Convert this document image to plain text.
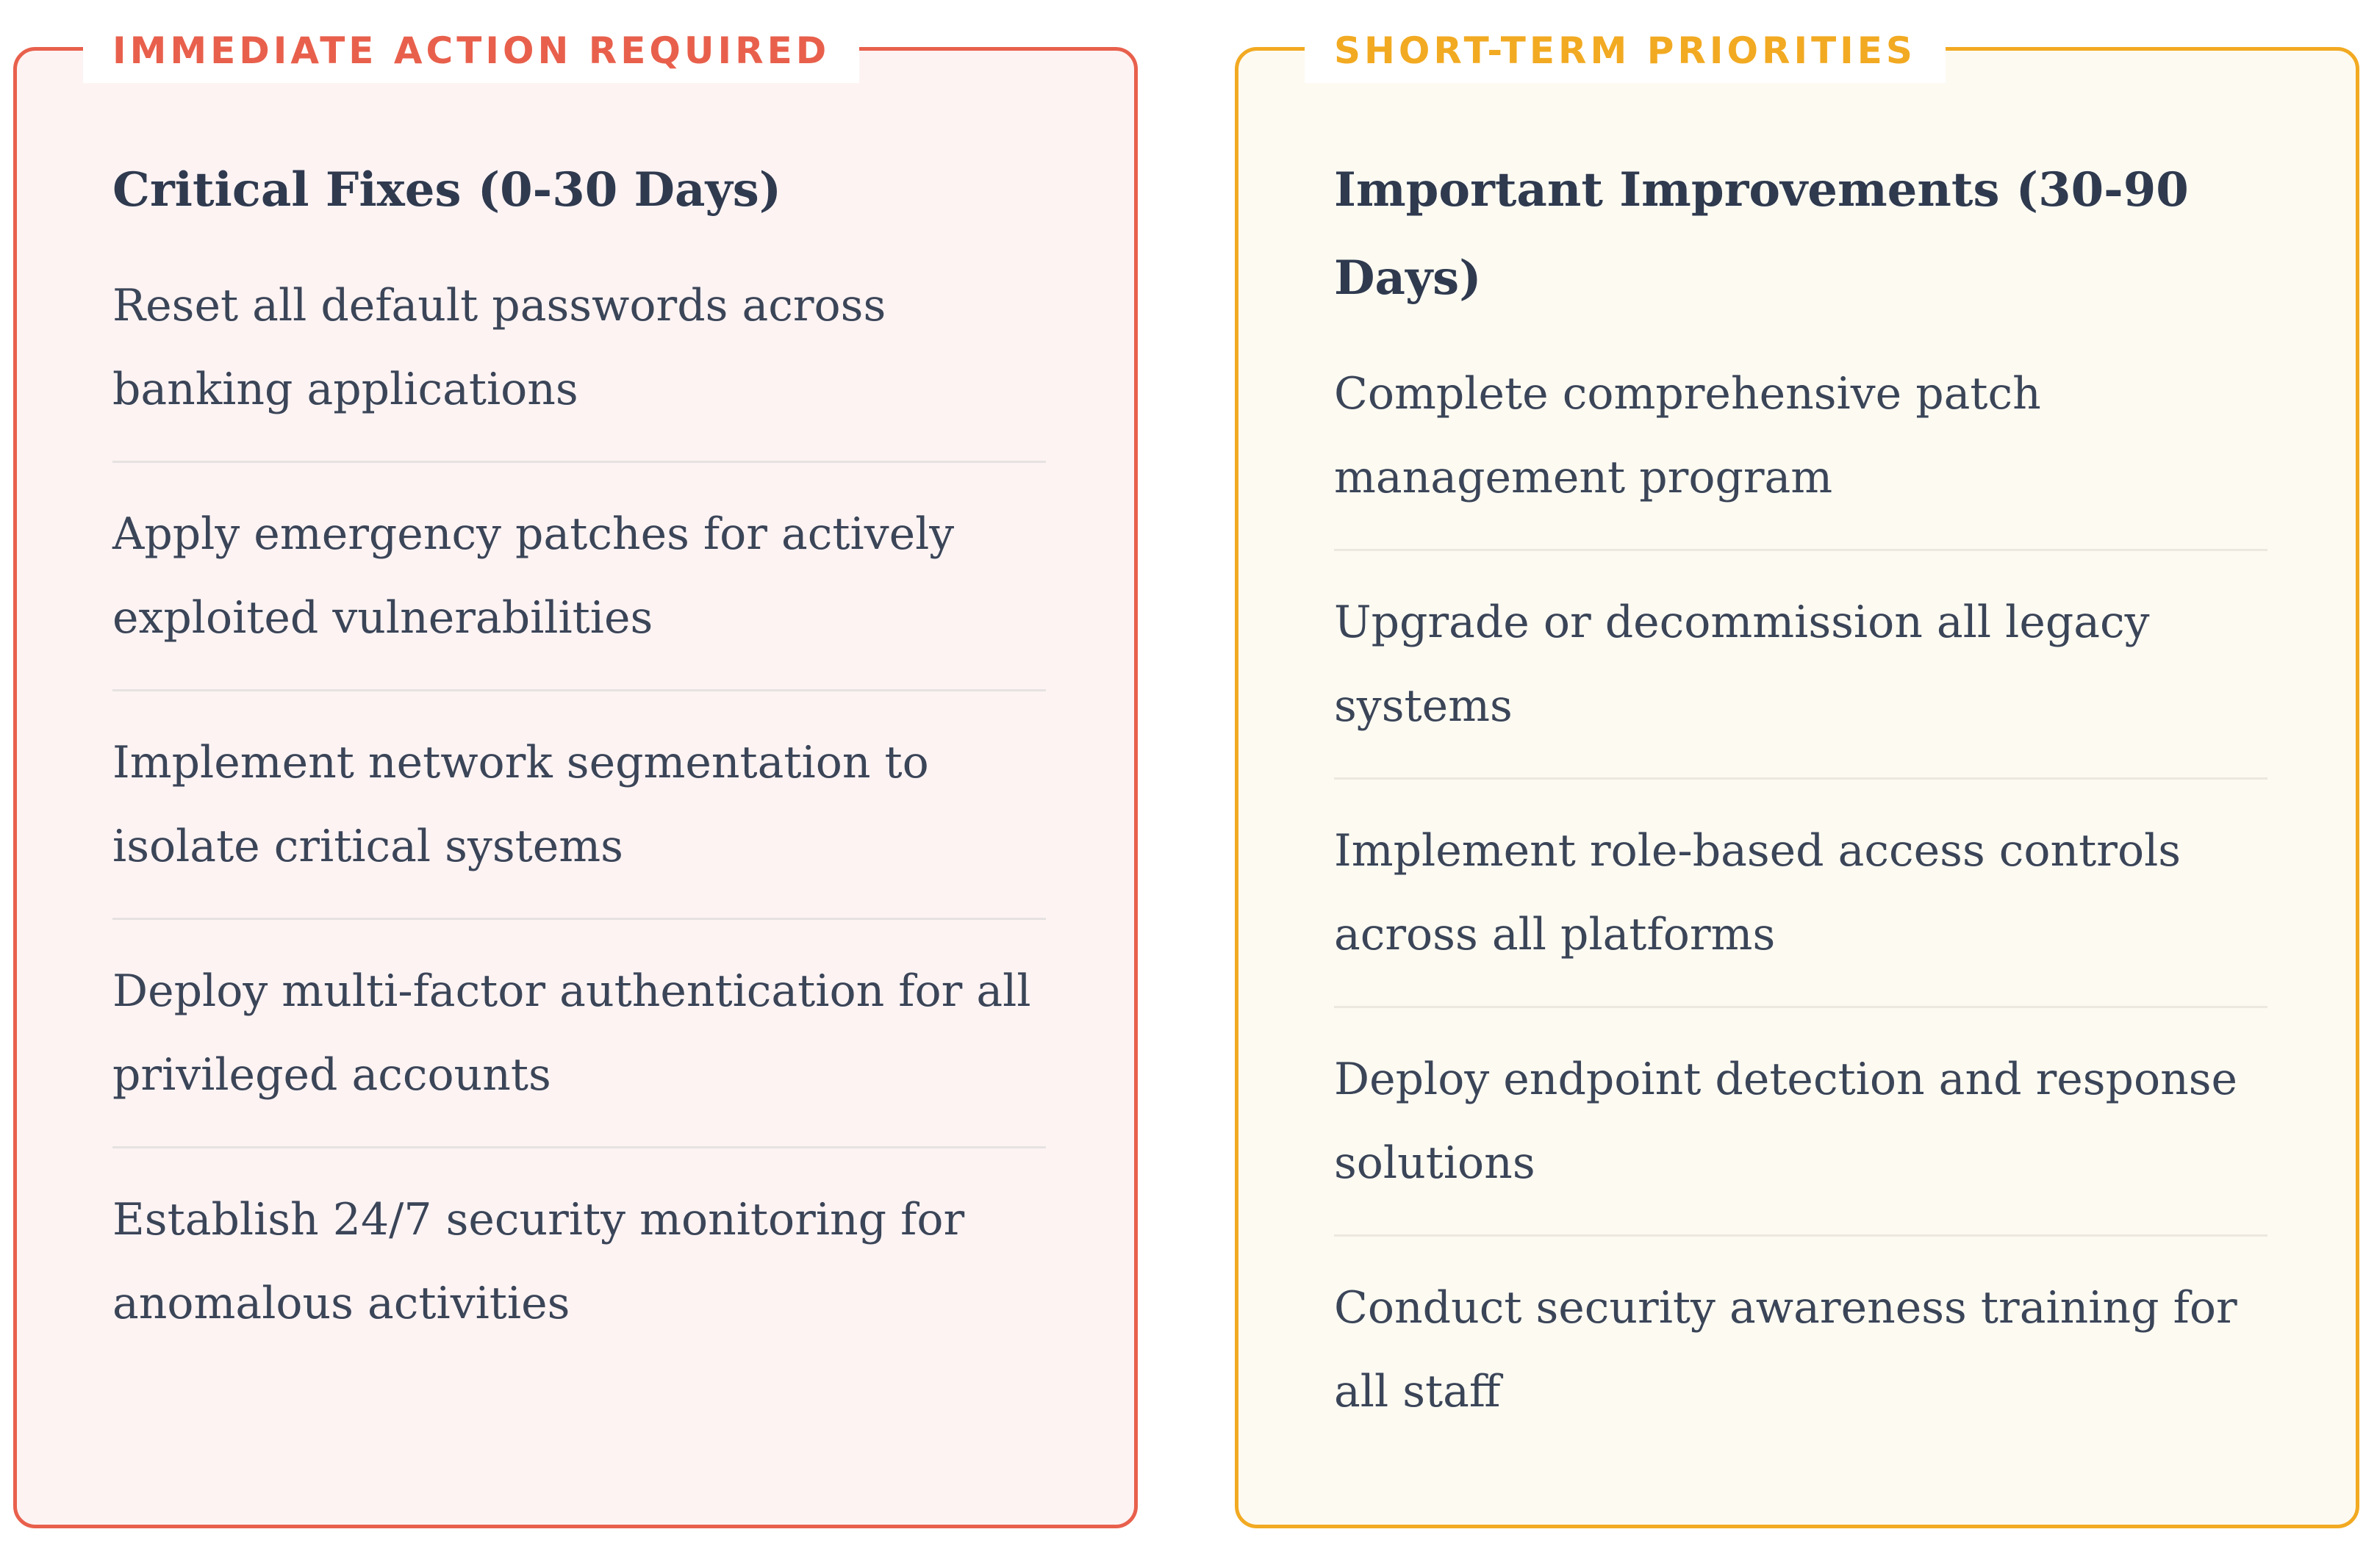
IMMEDIATE ACTION REQUIRED
Critical Fixes (0-30 Days)
Reset all default passwords across banking applications
Apply emergency patches for actively exploited vulnerabilities
Implement network segmentation to isolate critical systems
Deploy multi-factor authentication for all privileged accounts
Establish 24/7 security monitoring for anomalous activities
SHORT-TERM PRIORITIES
Important Improvements (30-90 Days)
Complete comprehensive patch management program
Upgrade or decommission all legacy systems
Implement role-based access controls across all platforms
Deploy endpoint detection and response solutions
Conduct security awareness training for all staff
